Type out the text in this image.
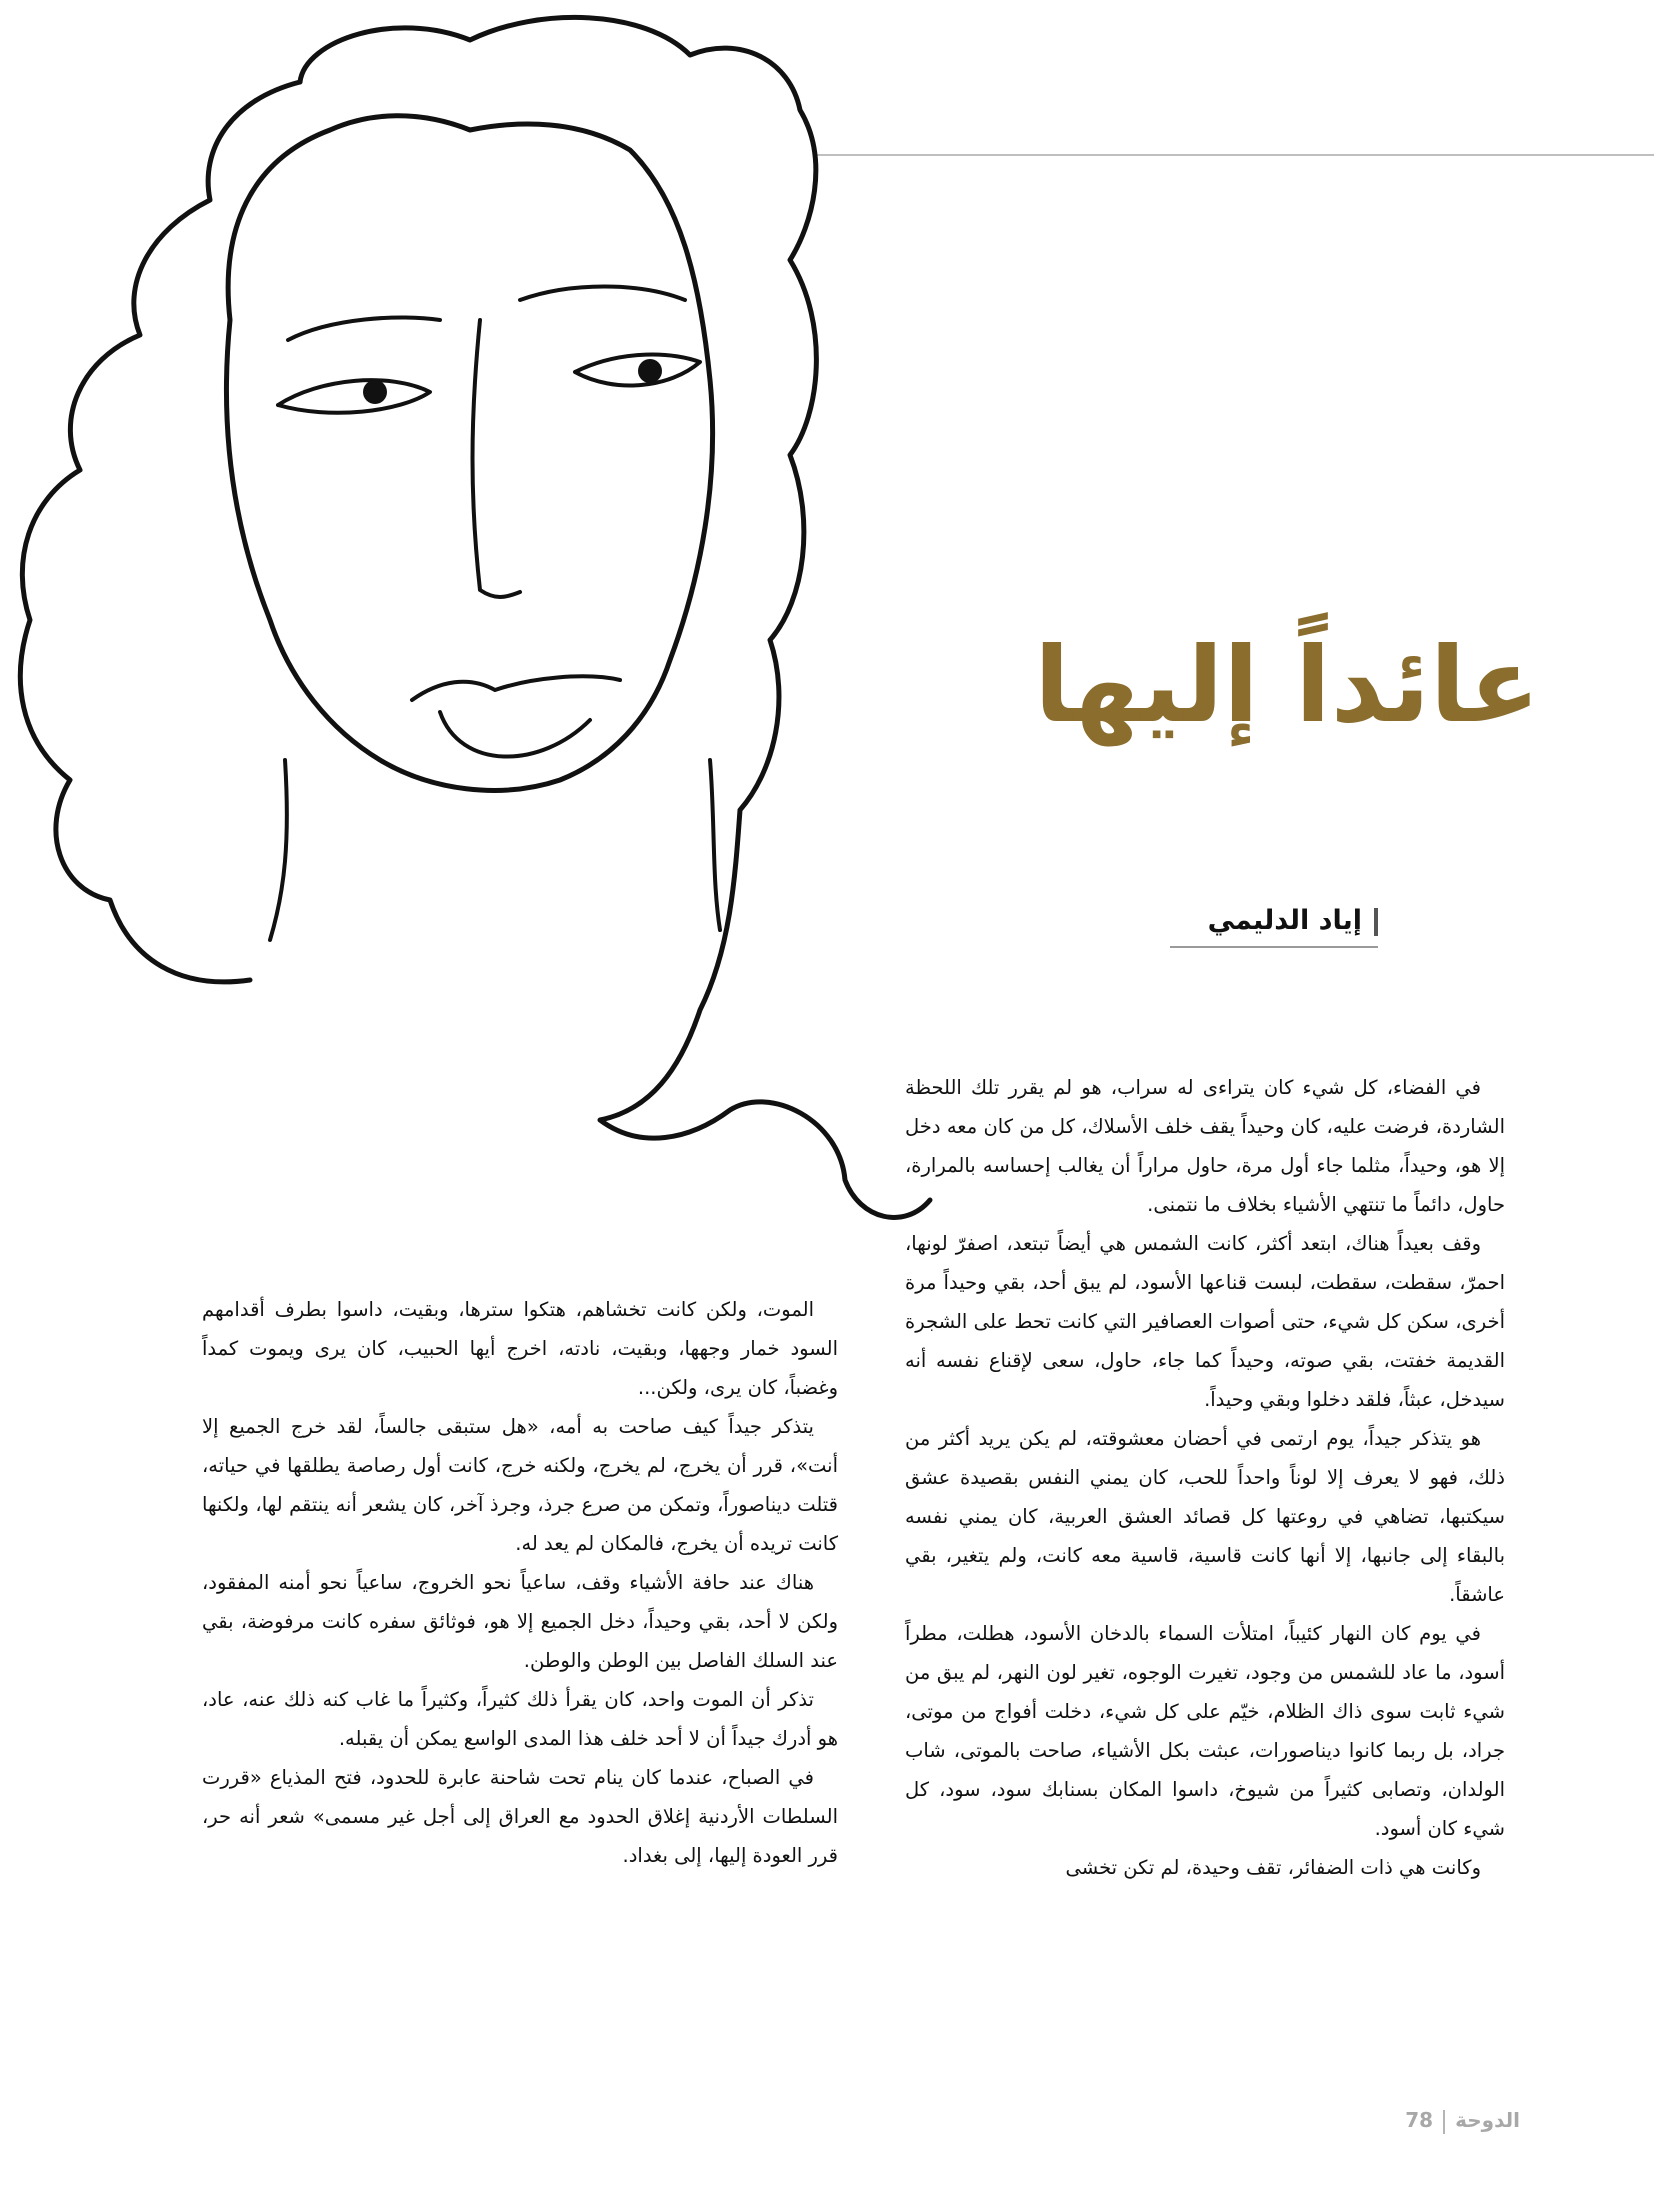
عائداً إليها
إياد الدليمي

في الفضاء، كل شيء كان يتراءى له سراب، هو لم يقرر تلك اللحظة الشاردة، فرضت عليه، كان وحيداً يقف خلف الأسلاك، كل من كان معه دخل إلا هو، وحيداً، مثلما جاء أول مرة، حاول مراراً أن يغالب إحساسه بالمرارة، حاول، دائماً ما تنتهي الأشياء بخلاف ما نتمنى.

وقف بعيداً هناك، ابتعد أكثر، كانت الشمس هي أيضاً تبتعد، اصفرّ لونها، احمرّ، سقطت، سقطت، لبست قناعها الأسود، لم يبق أحد، بقي وحيداً مرة أخرى، سكن كل شيء، حتى أصوات العصافير التي كانت تحط على الشجرة القديمة خفتت، بقي صوته، وحيداً كما جاء، حاول، سعى لإقناع نفسه أنه سيدخل، عبثاً، فلقد دخلوا وبقي وحيداً.

هو يتذكر جيداً، يوم ارتمى في أحضان معشوقته، لم يكن يريد أكثر من ذلك، فهو لا يعرف إلا لوناً واحداً للحب، كان يمني النفس بقصيدة عشق سيكتبها، تضاهي في روعتها كل قصائد العشق العربية، كان يمني نفسه بالبقاء إلى جانبها، إلا أنها كانت قاسية، قاسية معه كانت، ولم يتغير، بقي عاشقاً.

في يوم كان النهار كئيباً، امتلأت السماء بالدخان الأسود، هطلت، مطراً أسود، ما عاد للشمس من وجود، تغيرت الوجوه، تغير لون النهر، لم يبق من شيء ثابت سوى ذاك الظلام، خيّم على كل شيء، دخلت أفواج من موتى، جراد، بل ربما كانوا ديناصورات، عبثت بكل الأشياء، صاحت بالموتى، شاب الولدان، وتصابى كثيراً من شيوخ، داسوا المكان بسنابك سود، سود، كل شيء كان أسود.

وكانت هي ذات الضفائر، تقف وحيدة، لم تكن تخشى

الموت، ولكن كانت تخشاهم، هتكوا سترها، وبقيت، داسوا بطرف أقدامهم السود خمار وجهها، وبقيت، نادته، اخرج أيها الحبيب، كان يرى ويموت كمداً وغضباً، كان يرى، ولكن...

يتذكر جيداً كيف صاحت به أمه، «هل ستبقى جالساً، لقد خرج الجميع إلا أنت»، قرر أن يخرج، لم يخرج، ولكنه خرج، كانت أول رصاصة يطلقها في حياته، قتلت ديناصوراً، وتمكن من صرع جرذ، وجرذ آخر، كان يشعر أنه ينتقم لها، ولكنها كانت تريده أن يخرج، فالمكان لم يعد له.

هناك عند حافة الأشياء وقف، ساعياً نحو الخروج، ساعياً نحو أمنه المفقود، ولكن لا أحد، بقي وحيداً، دخل الجميع إلا هو، فوثائق سفره كانت مرفوضة، بقي عند السلك الفاصل بين الوطن والوطن.

تذكر أن الموت واحد، كان يقرأ ذلك كثيراً، وكثيراً ما غاب كنه ذلك عنه، عاد، هو أدرك جيداً أن لا أحد خلف هذا المدى الواسع يمكن أن يقبله.

في الصباح، عندما كان ينام تحت شاحنة عابرة للحدود، فتح المذياع «قررت السلطات الأردنية إغلاق الحدود مع العراق إلى أجل غير مسمى» شعر أنه حر، قرر العودة إليها، إلى بغداد.

الدوحة78
